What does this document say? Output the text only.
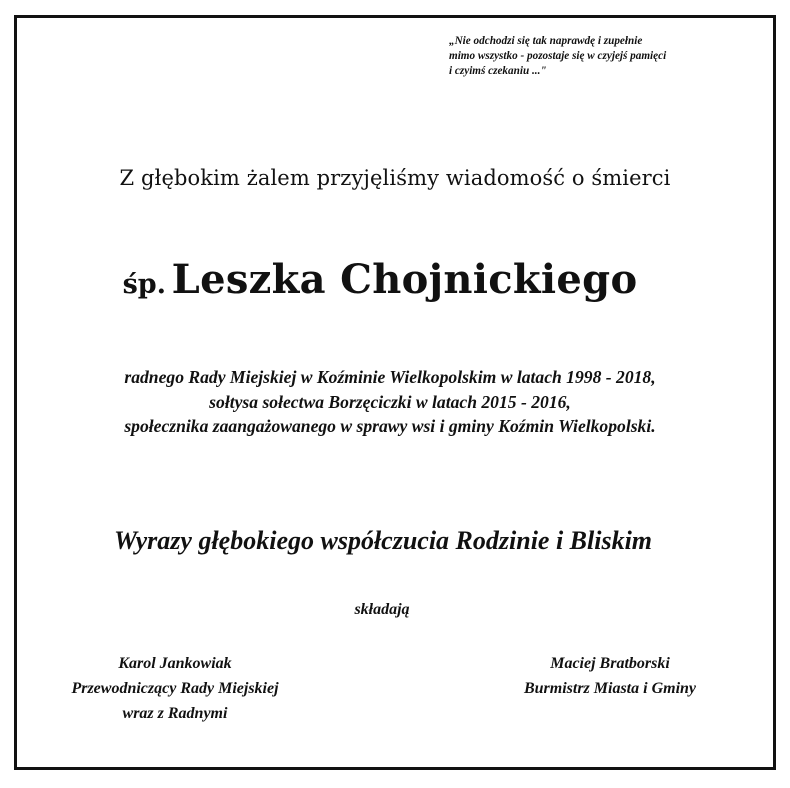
„Nie odchodzi się tak naprawdę i zupełnie
mimo wszystko - pozostaje się w czyjejś pamięci
i czyimś czekaniu ..."
Z głębokim żalem przyjęliśmy wiadomość o śmierci
śp. Leszka Chojnickiego
radnego Rady Miejskiej w Koźminie Wielkopolskim w latach 1998 - 2018,
sołtysa sołectwa Borzęciczki w latach 2015 - 2016,
społecznika zaangażowanego w sprawy wsi i gminy Koźmin Wielkopolski.
Wyrazy głębokiego współczucia Rodzinie i Bliskim
składają
Karol Jankowiak
Przewodniczący Rady Miejskiej
wraz z Radnymi
Maciej Bratborski
Burmistrz Miasta i Gminy
